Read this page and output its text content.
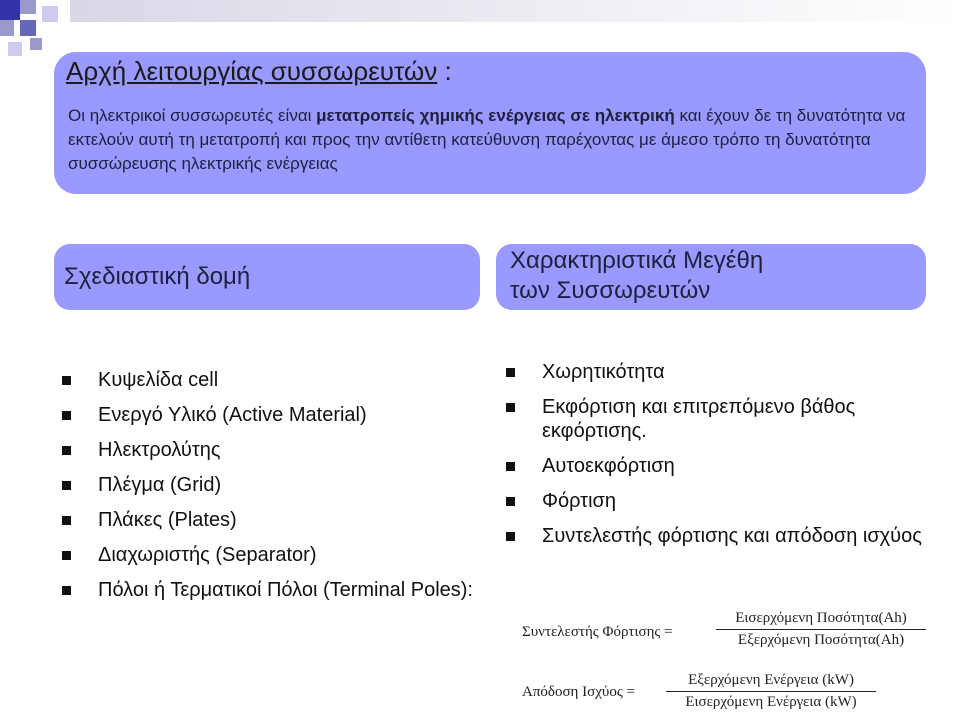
Αρχή λειτουργίας συσσωρευτών :
Οι ηλεκτρικοί συσσωρευτές είναι μετατροπείς χημικής ενέργειας σε ηλεκτρική και έχουν δε τη δυνατότητα να εκτελούν αυτή τη μετατροπή και προς την αντίθετη κατεύθυνση παρέχοντας με άμεσο τρόπο τη δυνατότητα συσσώρευσης ηλεκτρικής ενέργειας
Σχεδιαστική δομή
Χαρακτηριστικά Μεγέθη
των Συσσωρευτών
Κυψελίδα cell
Ενεργό Υλικό (Active Material)
Ηλεκτρολύτης
Πλέγμα (Grid)
Πλάκες (Plates)
Διαχωριστής (Separator)
Πόλοι ή Τερματικοί Πόλοι (Terminal Poles):
Χωρητικότητα
Εκφόρτιση και επιτρεπόμενο βάθος εκφόρτισης.
Αυτοεκφόρτιση
Φόρτιση
Συντελεστής φόρτισης και απόδοση ισχύος
Συντελεστής Φόρτισης =
Εισερχόμενη Ποσότητα(Ah)
Εξερχόμενη Ποσότητα(Ah)
Απόδοση Ισχύος =
Εξερχόμενη Ενέργεια (kW)
Εισερχόμενη Ενέργεια (kW)
